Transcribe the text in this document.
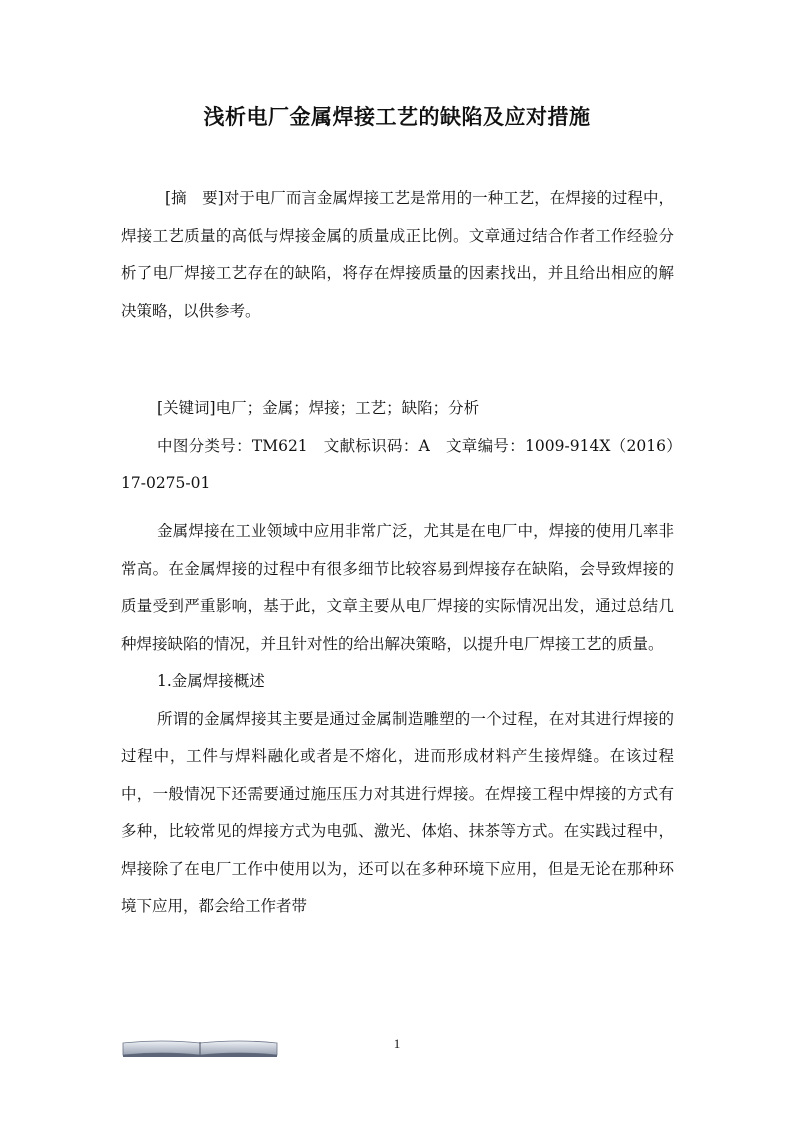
浅析电厂金属焊接工艺的缺陷及应对措施

[摘　要]对于电厂而言金属焊接工艺是常用的一种工艺，在焊接的过程中，焊接工艺质量的高低与焊接金属的质量成正比例。文章通过结合作者工作经验分析了电厂焊接工艺存在的缺陷，将存在焊接质量的因素找出，并且给出相应的解决策略，以供参考。

[关键词]电厂；金属；焊接；工艺；缺陷；分析

中图分类号：TM621　文献标识码：A　文章编号：1009-914X（2016）17-0275-01

金属焊接在工业领域中应用非常广泛，尤其是在电厂中，焊接的使用几率非常高。在金属焊接的过程中有很多细节比较容易到焊接存在缺陷，会导致焊接的质量受到严重影响，基于此，文章主要从电厂焊接的实际情况出发，通过总结几种焊接缺陷的情况，并且针对性的给出解决策略，以提升电厂焊接工艺的质量。

1.金属焊接概述

所谓的金属焊接其主要是通过金属制造雕塑的一个过程，在对其进行焊接的过程中，工件与焊料融化或者是不熔化，进而形成材料产生接焊缝。在该过程中，一般情况下还需要通过施压压力对其进行焊接。在焊接工程中焊接的方式有多种，比较常见的焊接方式为电弧、激光、体焰、抹茶等方式。在实践过程中，焊接除了在电厂工作中使用以为，还可以在多种环境下应用，但是无论在那种环境下应用，都会给工作者带

1
